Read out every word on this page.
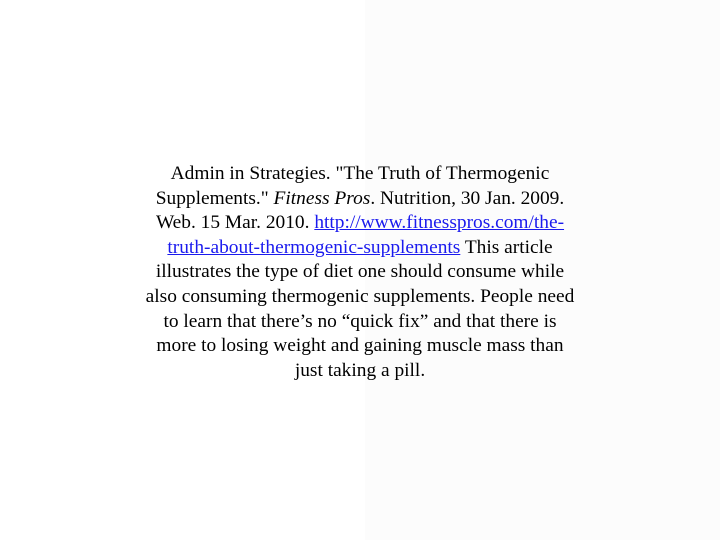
Admin in Strategies. "The Truth of Thermogenic
Supplements." Fitness Pros. Nutrition, 30 Jan. 2009.
Web. 15 Mar. 2010. http://www.fitnesspros.com/the-
truth-about-thermogenic-supplements This article
illustrates the type of diet one should consume while
also consuming thermogenic supplements. People need
to learn that there’s no “quick fix” and that there is
more to losing weight and gaining muscle mass than
just taking a pill.
